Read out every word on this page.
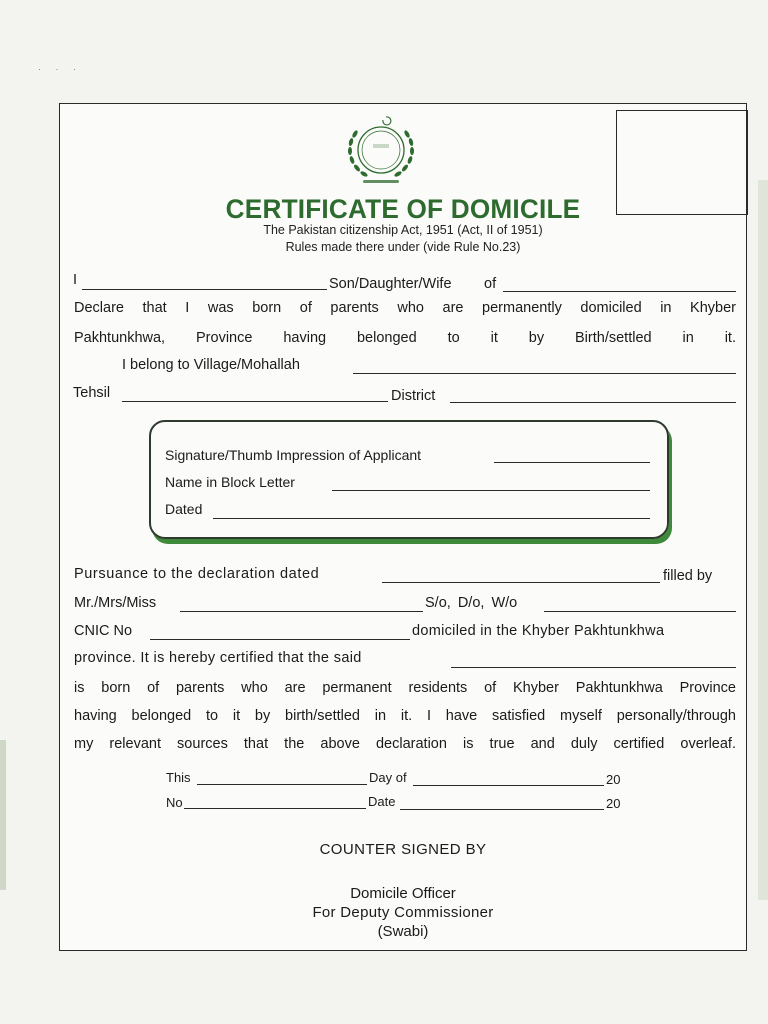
· · ·
CERTIFICATE OF DOMICILE
The Pakistan citizenship Act, 1951 (Act, II of 1951)
Rules made there under (vide Rule No.23)
I	Son/Daughter/Wife of
Declare that I was born of parents who are permanently domiciled in Khyber
Pakhtunkhwa, Province having belonged to it by Birth/settled in it.
I belong to Village/Mohallah
Tehsil	District
Signature/Thumb Impression of Applicant
Name in Block Letter
Dated
Pursuance to the declaration dated	filled by
Mr./Mrs/Miss	S/o, D/o, W/o
CNIC No	domiciled in the Khyber Pakhtunkhwa
province. It is hereby certified that the said
is born of parents who are permanent residents of Khyber Pakhtunkhwa Province
having belonged to it by birth/settled in it. I have satisfied myself personally/through
my relevant sources that the above declaration is true and duly certified overleaf.
This	Day of	20
No	Date	20
COUNTER SIGNED BY
Domicile Officer
For Deputy Commissioner
(Swabi)
